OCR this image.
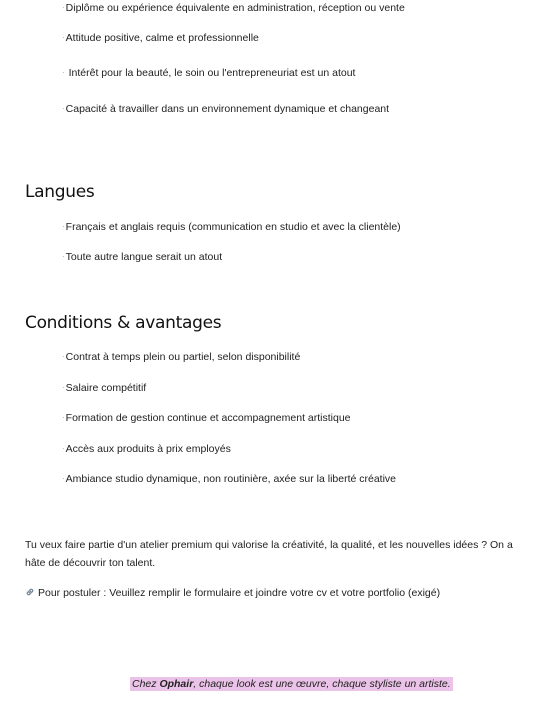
·Diplôme ou expérience équivalente en administration, réception ou vente
·Attitude positive, calme et professionnelle
· Intérêt pour la beauté, le soin ou l'entrepreneuriat est un atout
·Capacité à travailler dans un environnement dynamique et changeant
Langues
·Français et anglais requis (communication en studio et avec la clientèle)
·Toute autre langue serait un atout
Conditions & avantages
·Contrat à temps plein ou partiel, selon disponibilité
·Salaire compétitif
·Formation de gestion continue et accompagnement artistique
·Accès aux produits à prix employés
·Ambiance studio dynamique, non routinière, axée sur la liberté créative

Tu veux faire partie d'un atelier premium qui valorise la créativité, la qualité, et les nouvelles idées ? On a hâte de découvrir ton talent.

Pour postuler : Veuillez remplir le formulaire et joindre votre cv et votre portfolio (exigé)

Chez Ophair, chaque look est une œuvre, chaque styliste un artiste.
